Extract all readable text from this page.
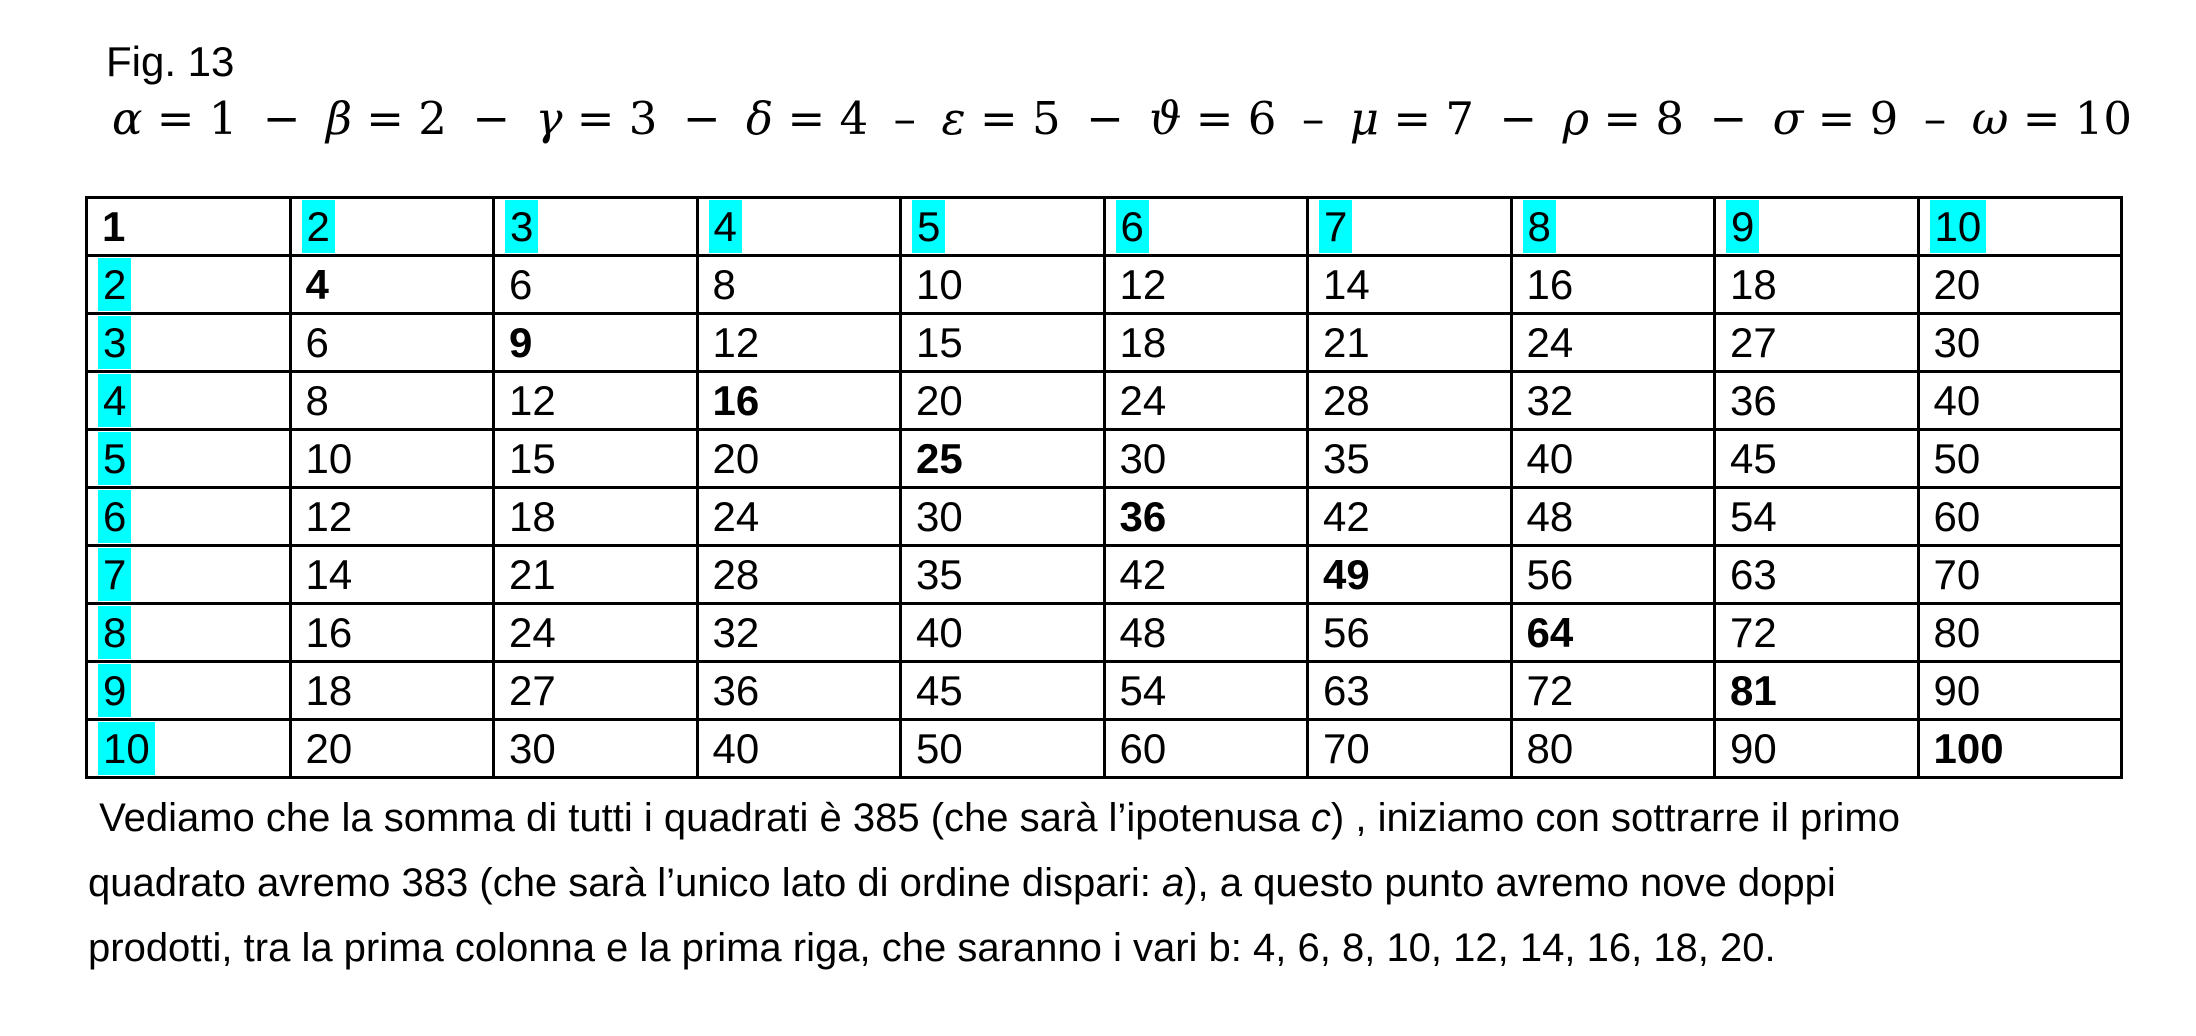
Fig. 13
α = 1 − β = 2 − γ = 3 − δ = 4 – ε = 5 − ϑ = 6 – μ = 7 − ρ = 8 − σ = 9 – ω = 10
1	2	3	4	5	6	7	8	9	10
2	4	6	8	10	12	14	16	18	20
3	6	9	12	15	18	21	24	27	30
4	8	12	16	20	24	28	32	36	40
5	10	15	20	25	30	35	40	45	50
6	12	18	24	30	36	42	48	54	60
7	14	21	28	35	42	49	56	63	70
8	16	24	32	40	48	56	64	72	80
9	18	27	36	45	54	63	72	81	90
10	20	30	40	50	60	70	80	90	100
Vediamo che la somma di tutti i quadrati è 385 (che sarà l’ipotenusa c) , iniziamo con sottrarre il primo
quadrato avremo 383 (che sarà l’unico lato di ordine dispari: a), a questo punto avremo nove doppi
prodotti, tra la prima colonna e la prima riga, che saranno i vari b: 4, 6, 8, 10, 12, 14, 16, 18, 20.
